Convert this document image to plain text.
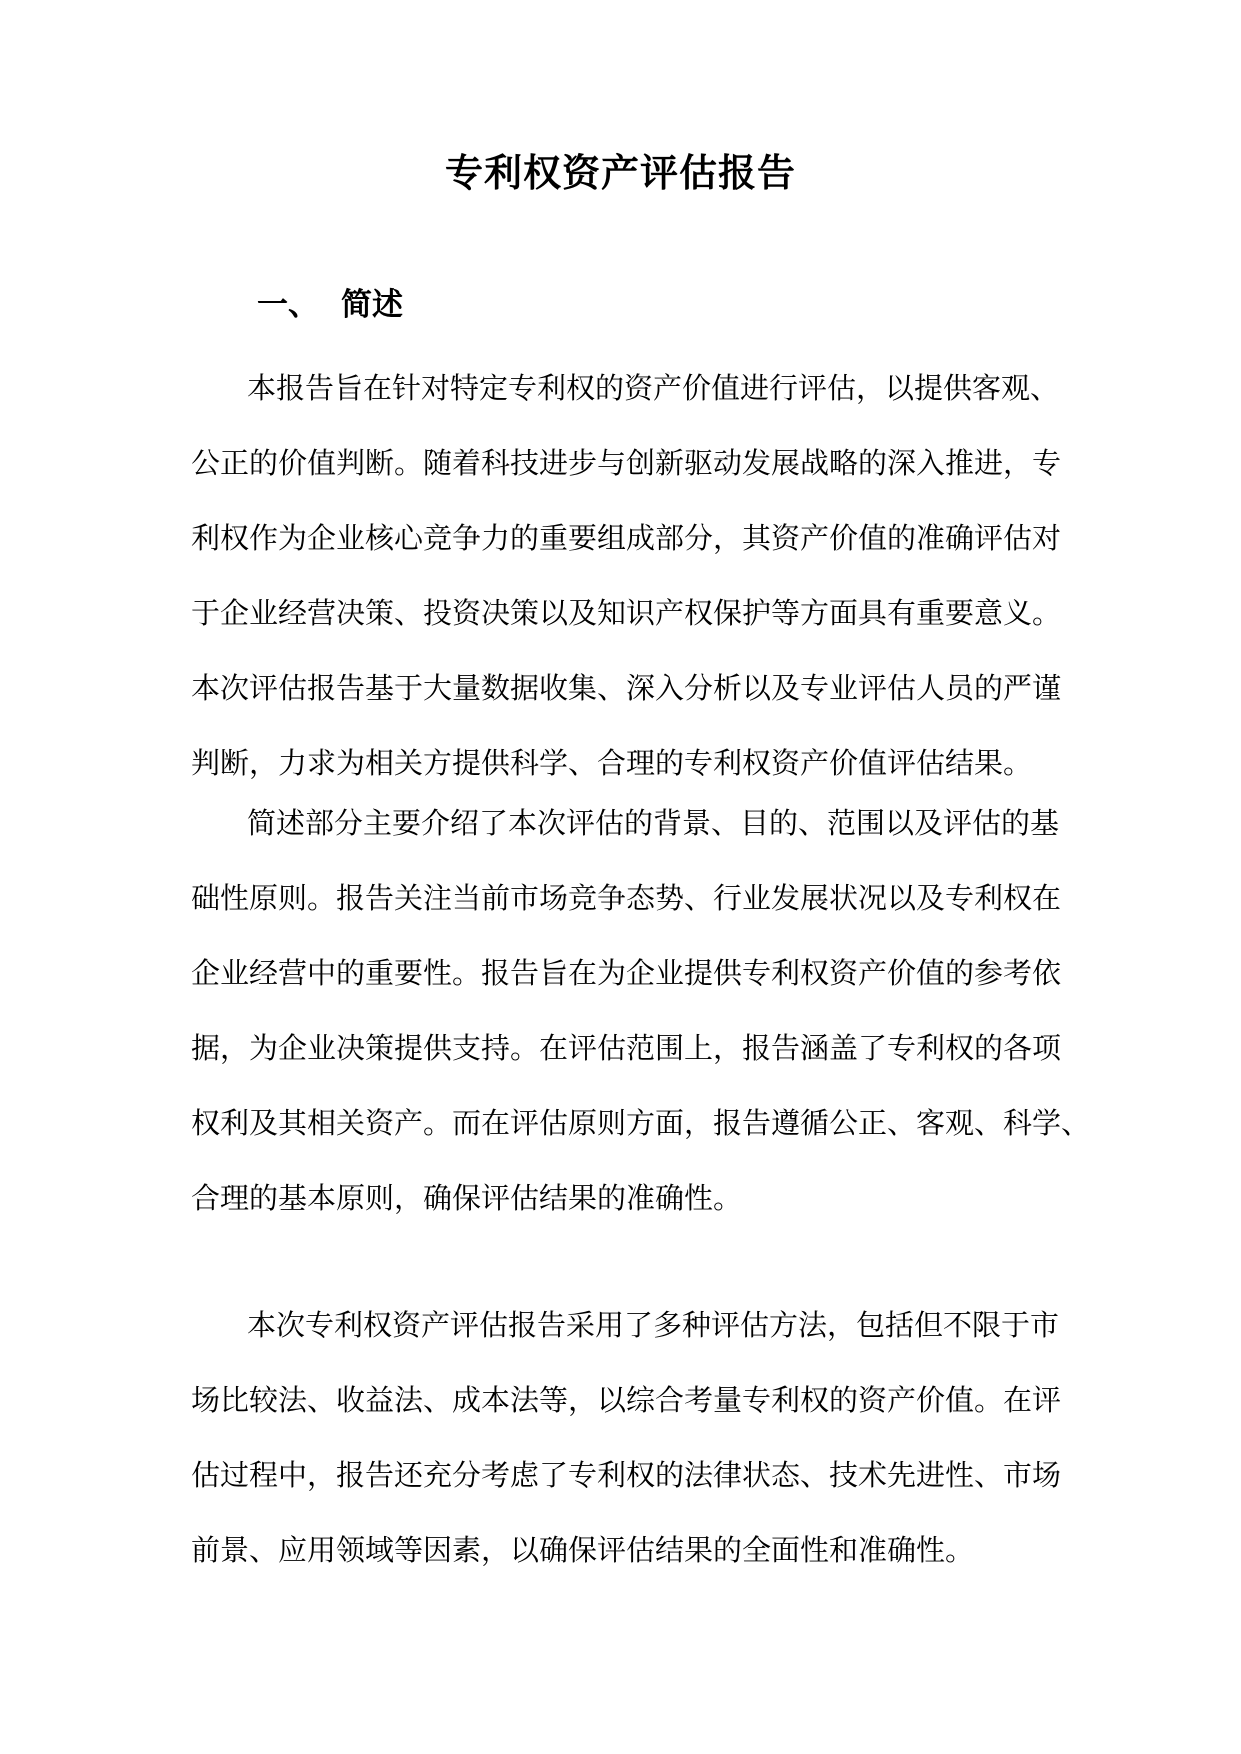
专利权资产评估报告
一、 简述
本报告旨在针对特定专利权的资产价值进行评估，以提供客观、
公正的价值判断。随着科技进步与创新驱动发展战略的深入推进，专
利权作为企业核心竞争力的重要组成部分，其资产价值的准确评估对
于企业经营决策、投资决策以及知识产权保护等方面具有重要意义。
本次评估报告基于大量数据收集、深入分析以及专业评估人员的严谨
判断，力求为相关方提供科学、合理的专利权资产价值评估结果。
简述部分主要介绍了本次评估的背景、目的、范围以及评估的基
础性原则。报告关注当前市场竞争态势、行业发展状况以及专利权在
企业经营中的重要性。报告旨在为企业提供专利权资产价值的参考依
据，为企业决策提供支持。在评估范围上，报告涵盖了专利权的各项
权利及其相关资产。而在评估原则方面，报告遵循公正、客观、科学、
合理的基本原则，确保评估结果的准确性。
本次专利权资产评估报告采用了多种评估方法，包括但不限于市
场比较法、收益法、成本法等，以综合考量专利权的资产价值。在评
估过程中，报告还充分考虑了专利权的法律状态、技术先进性、市场
前景、应用领域等因素，以确保评估结果的全面性和准确性。
